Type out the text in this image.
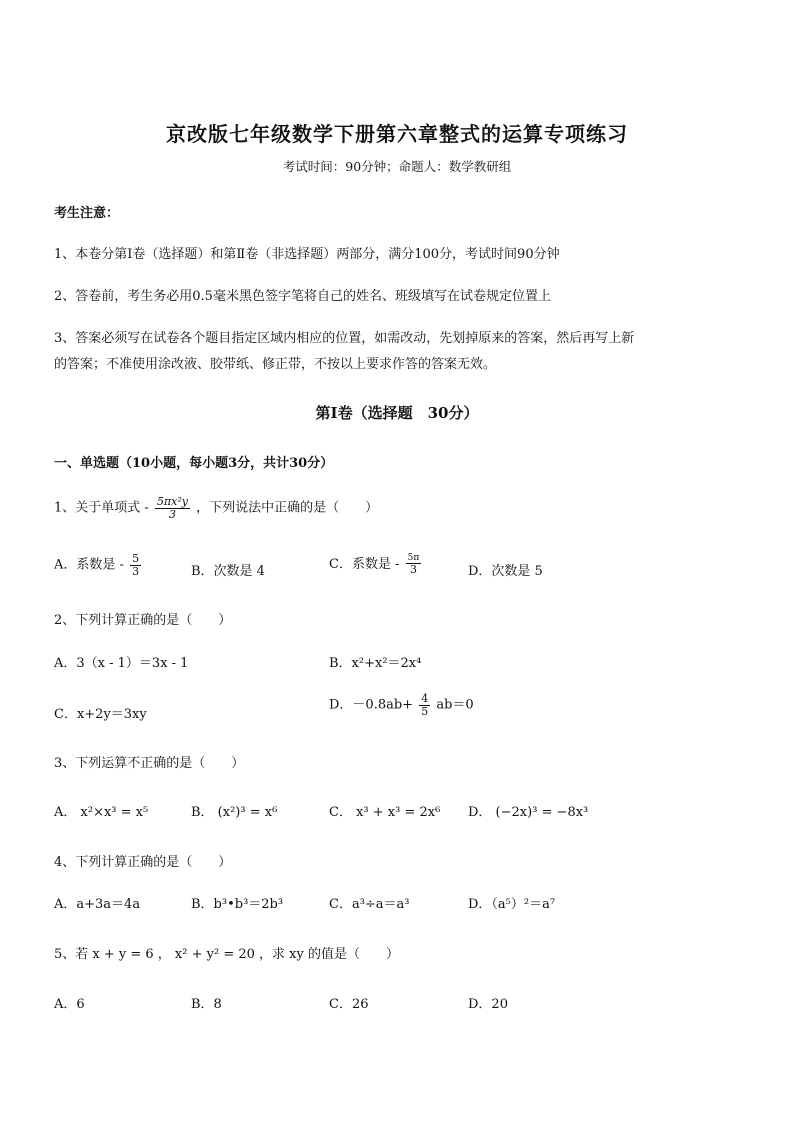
京改版七年级数学下册第六章整式的运算专项练习
考试时间：90分钟；命题人：数学教研组
考生注意：
1、本卷分第Ⅰ卷（选择题）和第Ⅱ卷（非选择题）两部分，满分100分，考试时间90分钟
2、答卷前，考生务必用0.5毫米黑色签字笔将自己的姓名、班级填写在试卷规定位置上
3、答案必须写在试卷各个题目指定区域内相应的位置，如需改动，先划掉原来的答案，然后再写上新
的答案；不准使用涂改液、胶带纸、修正带，不按以上要求作答的答案无效。
第Ⅰ卷（选择题　30分）
一、单选题（10小题，每小题3分，共计30分）
1、关于单项式 - $\frac{\text{5πx²y}}{3}$ ，下列说法中正确的是（　　）
A．系数是 - $\frac{5}{3}$	B．次数是 4	C．系数是 - $\frac{5\pi}{3}$	D．次数是 5
2、下列计算正确的是（　　）
A．3（x - 1）＝3x - 1	B．x²+x²＝2x⁴
C．x+2y＝3xy
D．$-0.8ab+ \frac{4}{5} ab=0$
3、下列运算不正确的是（　　）
A． x²×x³ = x⁵	B． (x²)³ = x⁶	C． x³ + x³ = 2x⁶ D． (−2x)³ = −8x³
4、下列计算正确的是（　　）
A．a+3a＝4a	B．b³•b³＝2b³	C．a³÷a＝a³	D．（a⁵）²＝a⁷
5、若 x + y = 6 ， x² + y² = 20 ，求 xy 的值是（　　）
A．6	B．8	C．26	D．20
